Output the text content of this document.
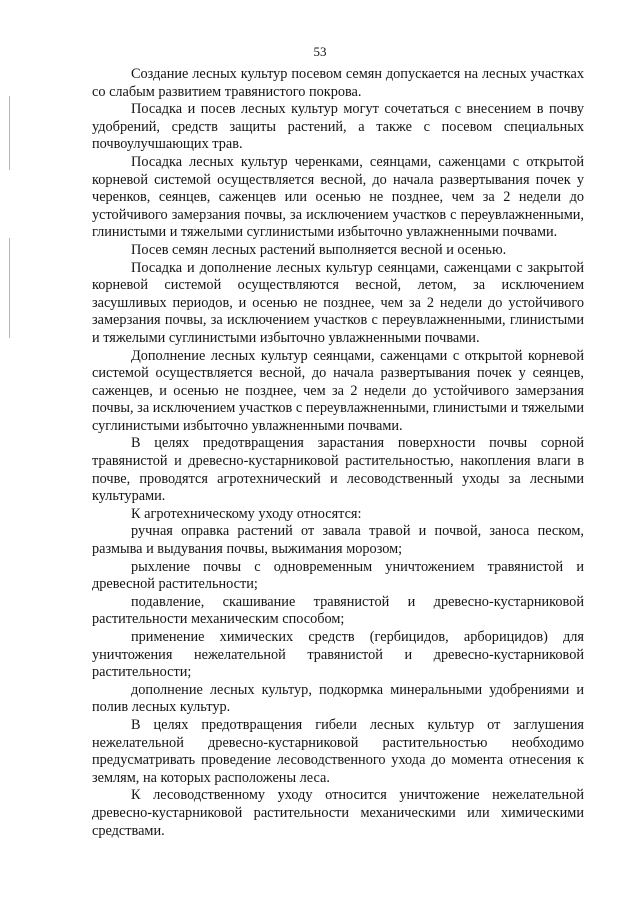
53

Создание лесных культур посевом семян допускается на лесных участках со слабым развитием травянистого покрова.

Посадка и посев лесных культур могут сочетаться с внесением в почву удобрений, средств защиты растений, а также с посевом специальных почвоулучшающих трав.

Посадка лесных культур черенками, сеянцами, саженцами с открытой корневой системой осуществляется весной, до начала развертывания почек у черенков, сеянцев, саженцев или осенью не позднее, чем за 2 недели до устойчивого замерзания почвы, за исключением участков с переувлажненными, глинистыми и тяжелыми суглинистыми избыточно увлажненными почвами.

Посев семян лесных растений выполняется весной и осенью.

Посадка и дополнение лесных культур сеянцами, саженцами с закрытой корневой системой осуществляются весной, летом, за исключением засушливых периодов, и осенью не позднее, чем за 2 недели до устойчивого замерзания почвы, за исключением участков с переувлажненными, глинистыми и тяжелыми суглинистыми избыточно увлажненными почвами.

Дополнение лесных культур сеянцами, саженцами с открытой корневой системой осуществляется весной, до начала развертывания почек у сеянцев, саженцев, и осенью не позднее, чем за 2 недели до устойчивого замерзания почвы, за исключением участков с переувлажненными, глинистыми и тяжелыми суглинистыми избыточно увлажненными почвами.

В целях предотвращения зарастания поверхности почвы сорной травянистой и древесно-кустарниковой растительностью, накопления влаги в почве, проводятся агротехнический и лесоводственный уходы за лесными культурами.

К агротехническому уходу относятся:

ручная оправка растений от завала травой и почвой, заноса песком, размыва и выдувания почвы, выжимания морозом;

рыхление почвы с одновременным уничтожением травянистой и древесной растительности;

подавление, скашивание травянистой и древесно-кустарниковой растительности механическим способом;

применение химических средств (гербицидов, арборицидов) для уничтожения нежелательной травянистой и древесно-кустарниковой растительности;

дополнение лесных культур, подкормка минеральными удобрениями и полив лесных культур.

В целях предотвращения гибели лесных культур от заглушения нежелательной древесно-кустарниковой растительностью необходимо предусматривать проведение лесоводственного ухода до момента отнесения к землям, на которых расположены леса.

К лесоводственному уходу относится уничтожение нежелательной древесно-кустарниковой растительности механическими или химическими средствами.
